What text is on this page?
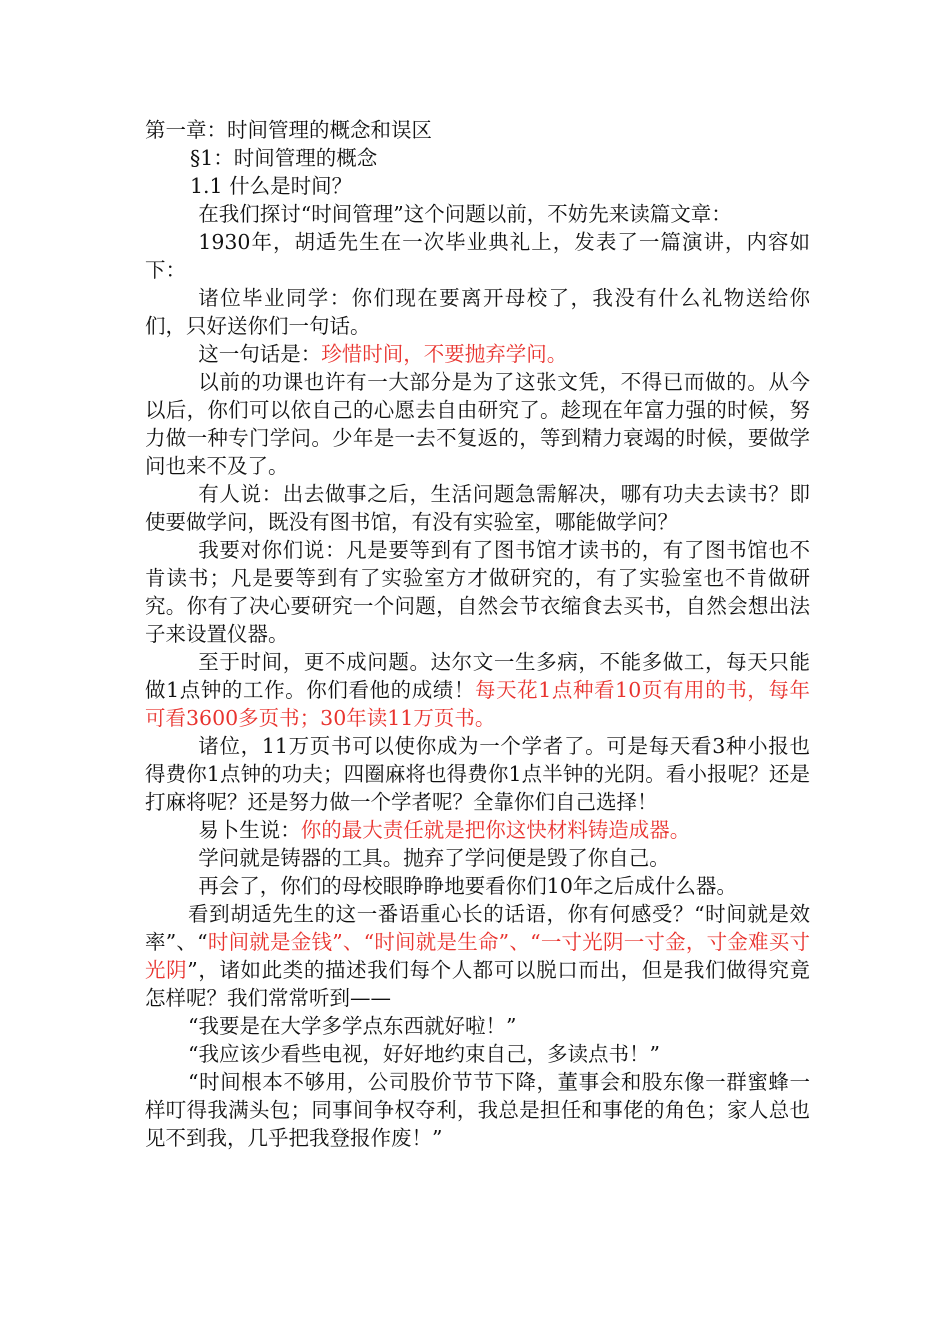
第一章：时间管理的概念和误区
§1：时间管理的概念
1.1 什么是时间？

在我们探讨“时间管理”这个问题以前，不妨先来读篇文章：

1930年，胡适先生在一次毕业典礼上，发表了一篇演讲，内容如下：

诸位毕业同学：你们现在要离开母校了，我没有什么礼物送给你们，只好送你们一句话。

这一句话是：珍惜时间，不要抛弃学问。

以前的功课也许有一大部分是为了这张文凭，不得已而做的。从今以后，你们可以依自己的心愿去自由研究了。趁现在年富力强的时候，努力做一种专门学问。少年是一去不复返的，等到精力衰竭的时候，要做学问也来不及了。

有人说：出去做事之后，生活问题急需解决，哪有功夫去读书？即使要做学问，既没有图书馆，有没有实验室，哪能做学问？

我要对你们说：凡是要等到有了图书馆才读书的，有了图书馆也不肯读书；凡是要等到有了实验室方才做研究的，有了实验室也不肯做研究。你有了决心要研究一个问题，自然会节衣缩食去买书，自然会想出法子来设置仪器。

至于时间，更不成问题。达尔文一生多病，不能多做工，每天只能做1点钟的工作。你们看他的成绩！每天花1点种看10页有用的书，每年可看3600多页书；30年读11万页书。

诸位，11万页书可以使你成为一个学者了。可是每天看3种小报也得费你1点钟的功夫；四圈麻将也得费你1点半钟的光阴。看小报呢？还是打麻将呢？还是努力做一个学者呢？全靠你们自己选择！

易卜生说：你的最大责任就是把你这快材料铸造成器。

学问就是铸器的工具。抛弃了学问便是毁了你自己。

再会了，你们的母校眼睁睁地要看你们10年之后成什么器。

看到胡适先生的这一番语重心长的话语，你有何感受？“时间就是效率”、“时间就是金钱”、“时间就是生命”、“一寸光阴一寸金，寸金难买寸光阴”，诸如此类的描述我们每个人都可以脱口而出，但是我们做得究竟怎样呢？我们常常听到——

“我要是在大学多学点东西就好啦！”

“我应该少看些电视，好好地约束自己，多读点书！”

“时间根本不够用，公司股价节节下降，董事会和股东像一群蜜蜂一样叮得我满头包；同事间争权夺利，我总是担任和事佬的角色；家人总也见不到我，几乎把我登报作废！”
